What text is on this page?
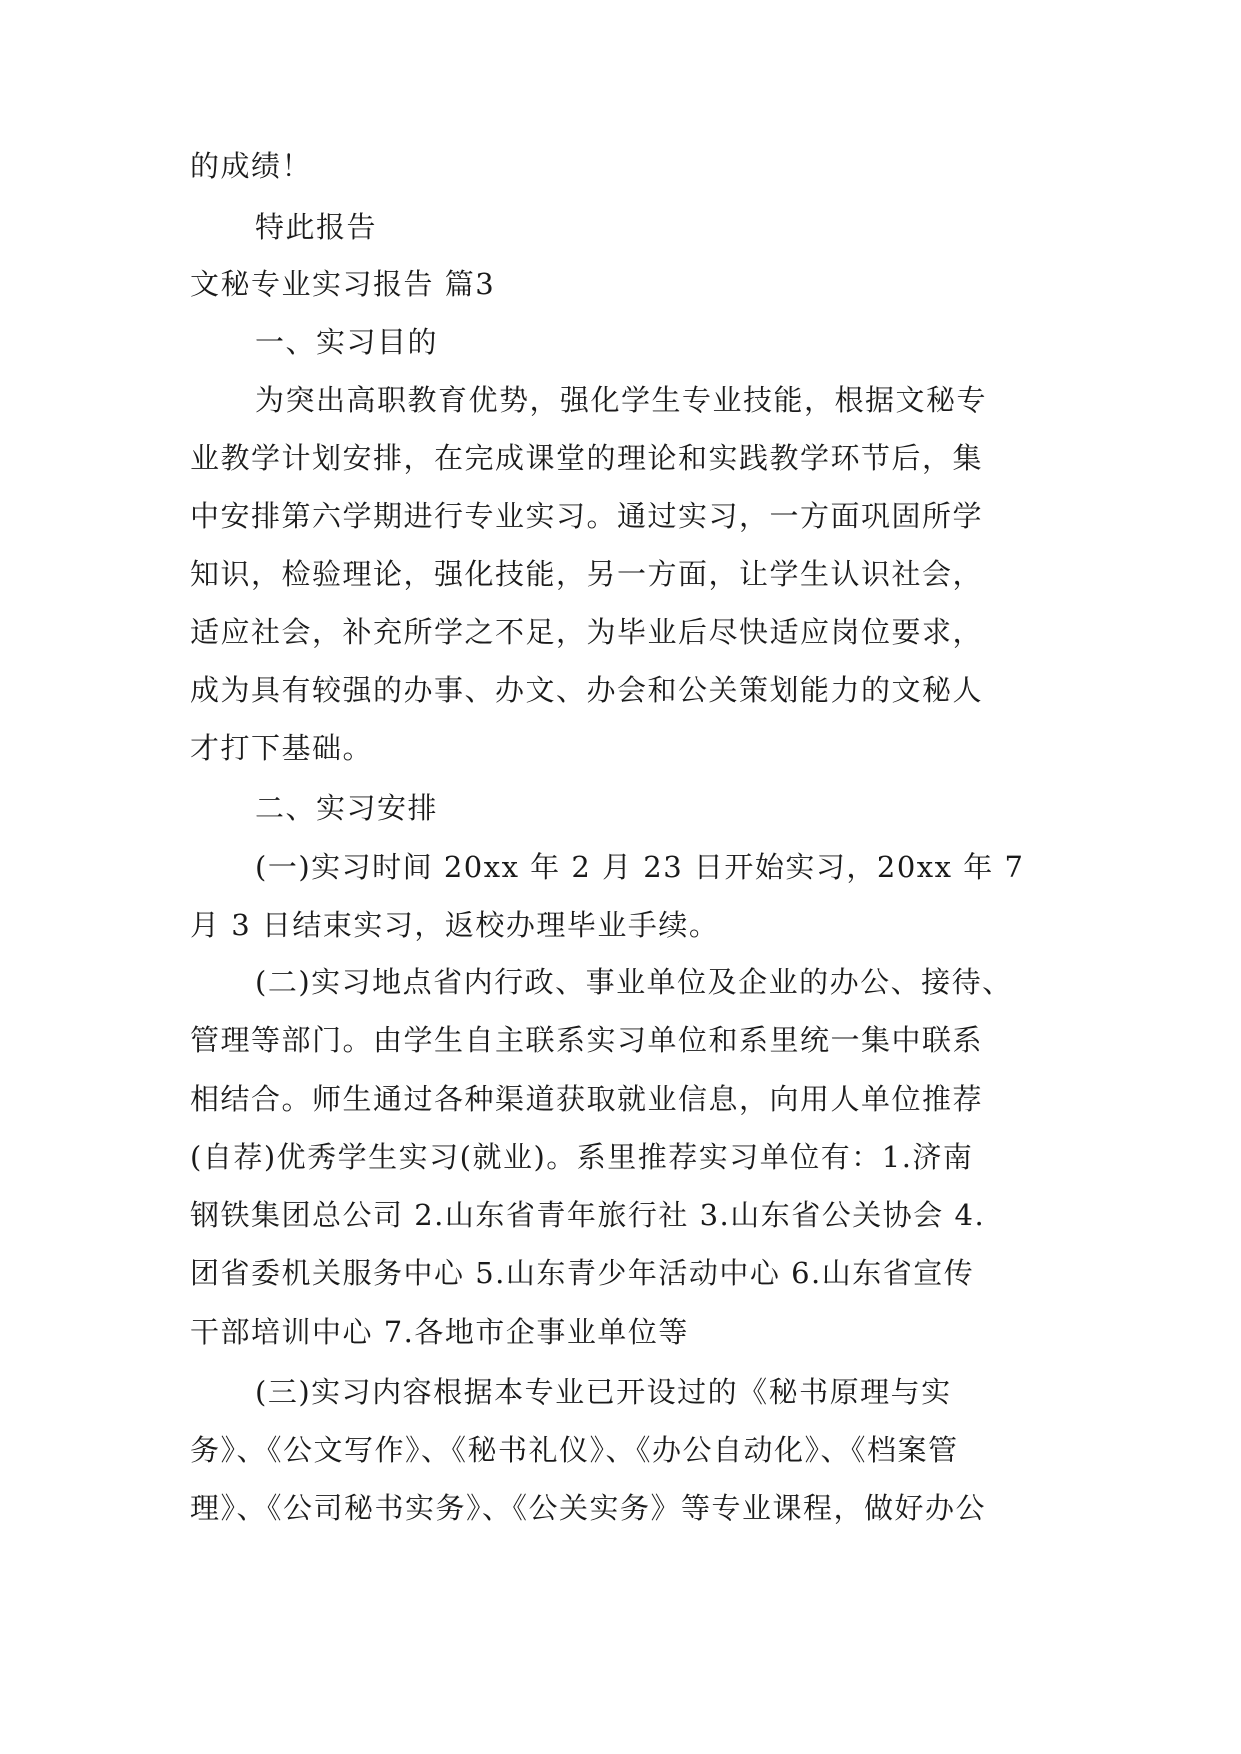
的成绩！
特此报告
文秘专业实习报告 篇3
一、实习目的
为突出高职教育优势，强化学生专业技能，根据文秘专
业教学计划安排，在完成课堂的理论和实践教学环节后，集
中安排第六学期进行专业实习。通过实习，一方面巩固所学
知识，检验理论，强化技能，另一方面，让学生认识社会，
适应社会，补充所学之不足，为毕业后尽快适应岗位要求，
成为具有较强的办事、办文、办会和公关策划能力的文秘人
才打下基础。
二、实习安排
(一)实习时间 20xx 年 2 月 23 日开始实习，20xx 年 7
月 3 日结束实习，返校办理毕业手续。
(二)实习地点省内行政、事业单位及企业的办公、接待、
管理等部门。由学生自主联系实习单位和系里统一集中联系
相结合。师生通过各种渠道获取就业信息，向用人单位推荐
(自荐)优秀学生实习(就业)。系里推荐实习单位有：1.济南
钢铁集团总公司 2.山东省青年旅行社 3.山东省公关协会 4.
团省委机关服务中心 5.山东青少年活动中心 6.山东省宣传
干部培训中心 7.各地市企事业单位等
(三)实习内容根据本专业已开设过的《秘书原理与实
务》、《公文写作》、《秘书礼仪》、《办公自动化》、《档案管
理》、《公司秘书实务》、《公关实务》等专业课程，做好办公
